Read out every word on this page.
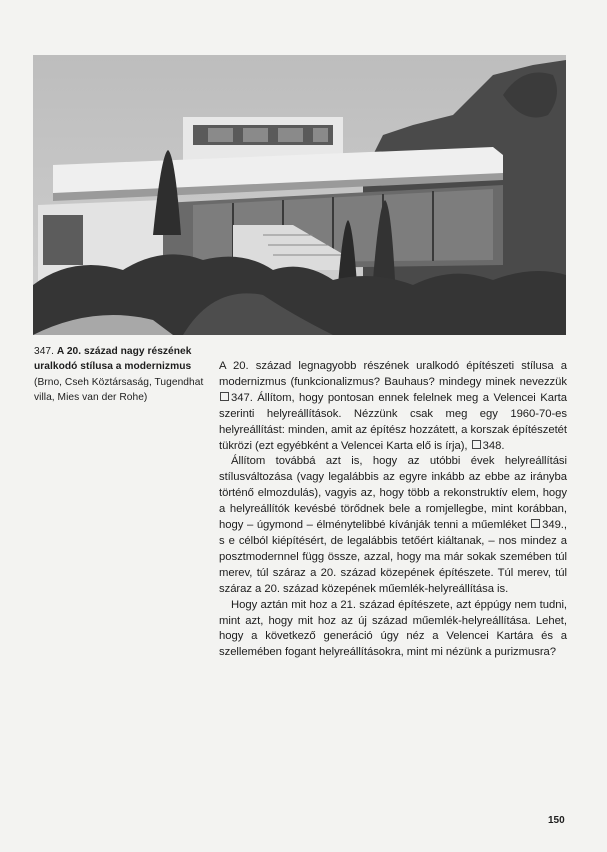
347. A 20. század nagy részének uralkodó stílusa a modernizmus (Brno, Cseh Köztársaság, Tugendhat villa, Mies van der Rohe)

A 20. század legnagyobb részének uralkodó építészeti stílusa a modernizmus (funkcionalizmus? Bauhaus? mindegy minek nevezzük 347. Állítom, hogy pontosan ennek felelnek meg a Velencei Karta szerinti helyreállítások. Nézzünk csak meg egy 1960-70-es helyreállítást: minden, amit az építész hozzátett, a korszak építészetét tükrözi (ezt egyébként a Velencei Karta elő is írja), 348.

Állítom továbbá azt is, hogy az utóbbi évek helyreállítási stílusváltozása (vagy legalábbis az egyre inkább az ebbe az irányba történő elmozdulás), vagyis az, hogy több a rekonstruktív elem, hogy a helyreállítók kevésbé törődnek bele a romjellegbe, mint korábban, hogy – úgymond – élménytelibbé kívánják tenni a műemléket 349., s e célból kiépítésért, de legalábbis tetőért kiáltanak, – nos mindez a posztmodernnel függ össze, azzal, hogy ma már sokak szemében túl merev, túl száraz a 20. század közepének építészete. Túl merev, túl száraz a 20. század közepének műemlék-helyreállítása is.

Hogy aztán mit hoz a 21. század építészete, azt éppúgy nem tudni, mint azt, hogy mit hoz az új század műemlék-helyreállítása. Lehet, hogy a következő generáció úgy néz a Velencei Kartára és a szellemében fogant helyreállításokra, mint mi nézünk a purizmusra?

150
